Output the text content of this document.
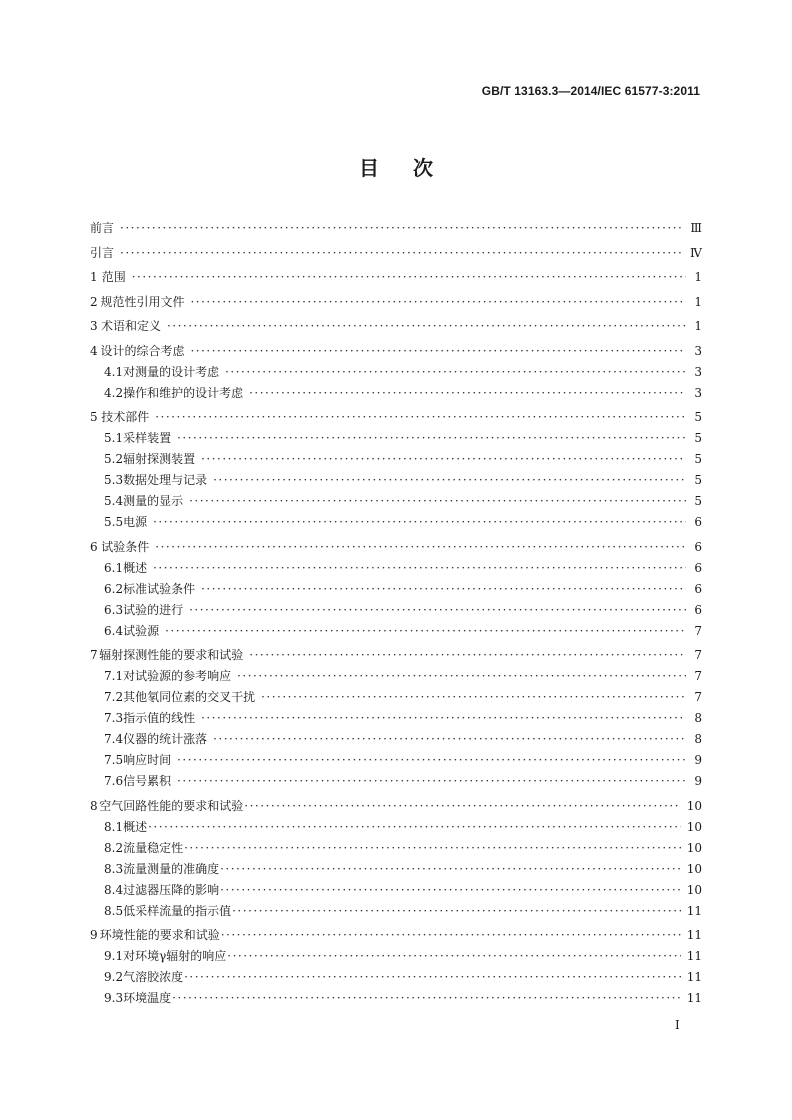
GB/T 13163.3—2014/IEC 61577-3:2011
目 次
前言 ·····	Ⅲ
引言 ·····	Ⅳ
1 范围 ·····	1
2 规范性引用文件 ·····	1
3 术语和定义 ·····	1
4 设计的综合考虑 ·····	3
4.1 对测量的设计考虑 ·····	3
4.2 操作和维护的设计考虑 ·····	3
5 技术部件 ·····	5
5.1 采样装置 ·····	5
5.2 辐射探测装置 ·····	5
5.3 数据处理与记录 ·····	5
5.4 测量的显示 ·····	5
5.5 电源 ·····	6
6 试验条件 ·····	6
6.1 概述 ·····	6
6.2 标准试验条件 ·····	6
6.3 试验的进行 ·····	6
6.4 试验源 ·····	7
7 辐射探测性能的要求和试验 ·····	7
7.1 对试验源的参考响应 ·····	7
7.2 其他氡同位素的交叉干扰 ·····	7
7.3 指示值的线性 ·····	8
7.4 仪器的统计涨落 ·····	8
7.5 响应时间 ·····	9
7.6 信号累积 ·····	9
8 空气回路性能的要求和试验 ·····	10
8.1 概述 ·····	10
8.2 流量稳定性 ·····	10
8.3 流量测量的准确度 ·····	10
8.4 过滤器压降的影响 ·····	10
8.5 低采样流量的指示值 ·····	11
9 环境性能的要求和试验 ·····	11
9.1 对环境γ辐射的响应 ·····	11
9.2 气溶胶浓度 ·····	11
9.3 环境温度 ·····	11
Ⅰ
